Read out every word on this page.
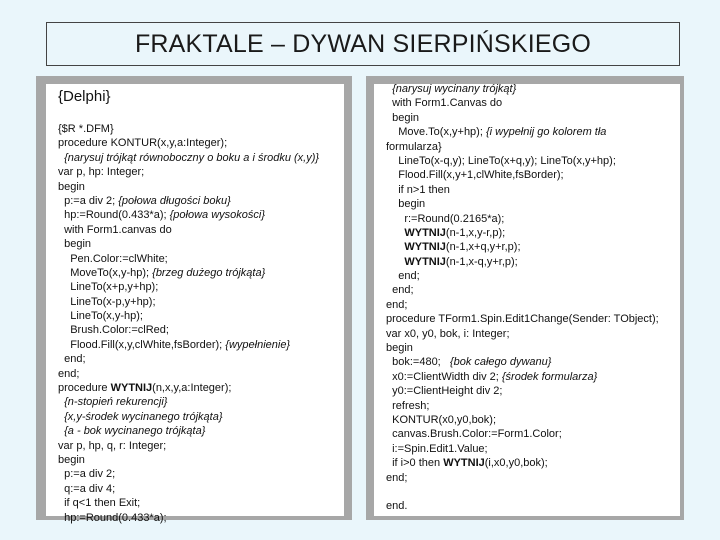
FRAKTALE – DYWAN SIERPIŃSKIEGO
{Delphi}
{$R *.DFM}
procedure KONTUR(x,y,a:Integer);
{narysuj trójkąt równoboczny o boku a i środku (x,y)}
var p, hp: Integer;
begin
p:=a div 2; {połowa długości boku}
hp:=Round(0.433*a); {połowa wysokości}
with Form1.canvas do
begin
Pen.Color:=clWhite;
MoveTo(x,y-hp); {brzeg dużego trójkąta}
LineTo(x+p,y+hp);
LineTo(x-p,y+hp);
LineTo(x,y-hp);
Brush.Color:=clRed;
Flood.Fill(x,y,clWhite,fsBorder); {wypełnienie}
end;
end;
procedure WYTNIJ(n,x,y,a:Integer);
{n-stopień rekurencji}
{x,y-środek wycinanego trójkąta}
{a - bok wycinanego trójkąta}
var p, hp, q, r: Integer;
begin
p:=a div 2;
q:=a div 4;
if q<1 then Exit;
hp:=Round(0.433*a);
{narysuj wycinany trójkąt}
with Form1.Canvas do
begin
Move.To(x,y+hp); {i wypełnij go kolorem tła
formularza}
LineTo(x-q,y); LineTo(x+q,y); LineTo(x,y+hp);
Flood.Fill(x,y+1,clWhite,fsBorder);
if n>1 then
begin
r:=Round(0.2165*a);
WYTNIJ(n-1,x,y-r,p);
WYTNIJ(n-1,x+q,y+r,p);
WYTNIJ(n-1,x-q,y+r,p);
end;
end;
end;
procedure TForm1.Spin.Edit1Change(Sender: TObject);
var x0, y0, bok, i: Integer;
begin
bok:=480;   {bok całego dywanu}
x0:=ClientWidth div 2; {środek formularza}
y0:=ClientHeight div 2;
refresh;
KONTUR(x0,y0,bok);
canvas.Brush.Color:=Form1.Color;
i:=Spin.Edit1.Value;
if i>0 then WYTNIJ(i,x0,y0,bok);
end;
end.
